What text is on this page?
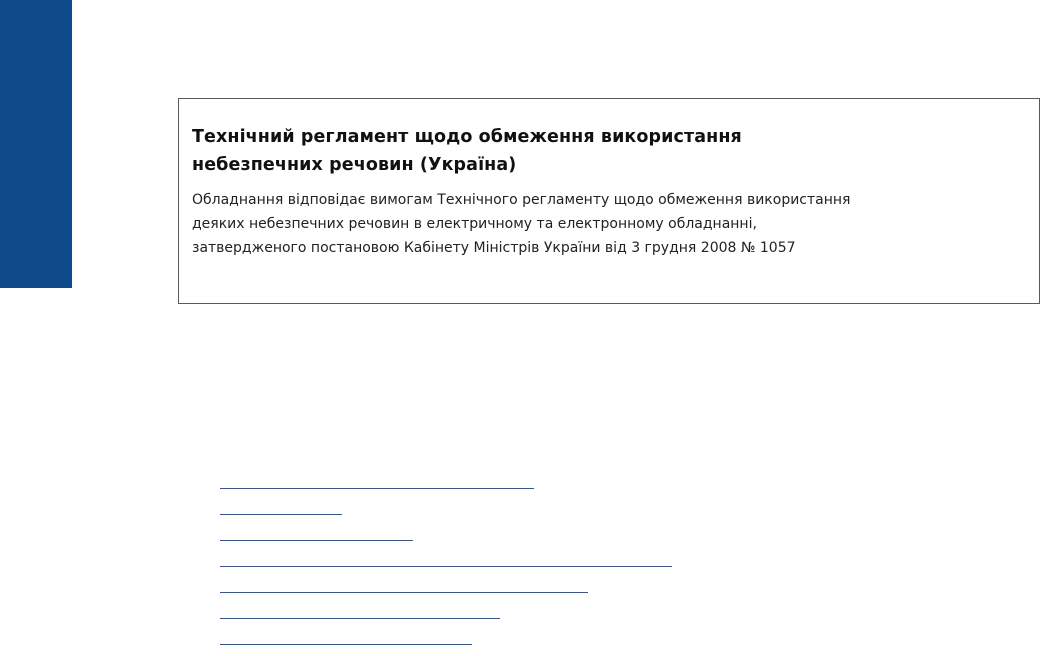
Технічний регламент щодо обмеження використання
небезпечних речовин (Україна)

Обладнання відповідає вимогам Технічного регламенту щодо обмеження використання
деяких небезпечних речовин в електричному та електронному обладнанні,
затвердженого постановою Кабінету Міністрів України від 3 грудня 2008 № 1057
